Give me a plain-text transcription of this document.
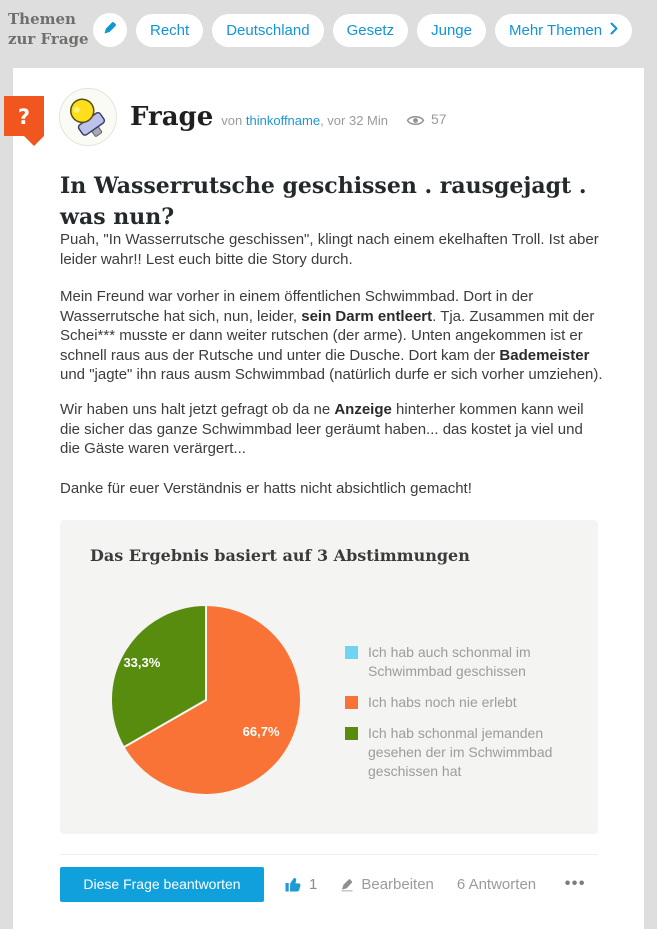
Themen
zur Frage	Recht	Deutschland	Gesetz	Junge	Mehr Themen
Frage von thinkoffname, vor 32 Min	57
In Wasserrutsche geschissen . rausgejagt . was nun?

Puah, "In Wasserrutsche geschissen", klingt nach einem ekelhaften Troll. Ist aber leider wahr!! Lest euch bitte die Story durch.

Mein Freund war vorher in einem öffentlichen Schwimmbad. Dort in der Wasserrutsche hat sich, nun, leider, sein Darm entleert. Tja. Zusammen mit der Schei*** musste er dann weiter rutschen (der arme). Unten angekommen ist er schnell raus aus der Rutsche und unter die Dusche. Dort kam der Bademeister und "jagte" ihn raus ausm Schwimmbad (natürlich durfe er sich vorher umziehen).

Wir haben uns halt jetzt gefragt ob da ne Anzeige hinterher kommen kann weil die sicher das ganze Schwimmbad leer geräumt haben... das kostet ja viel und die Gäste waren verärgert...

Danke für euer Verständnis er hatts nicht absichtlich gemacht!

Das Ergebnis basiert auf 3 Abstimmungen
66,7%
33,3%
Ich hab auch schonmal im Schwimmbad geschissen
Ich habs noch nie erlebt
Ich hab schonmal jemanden gesehen der im Schwimmbad geschissen hat
Diese Frage beantworten	1	Bearbeiten 6 Antworten •••
?
